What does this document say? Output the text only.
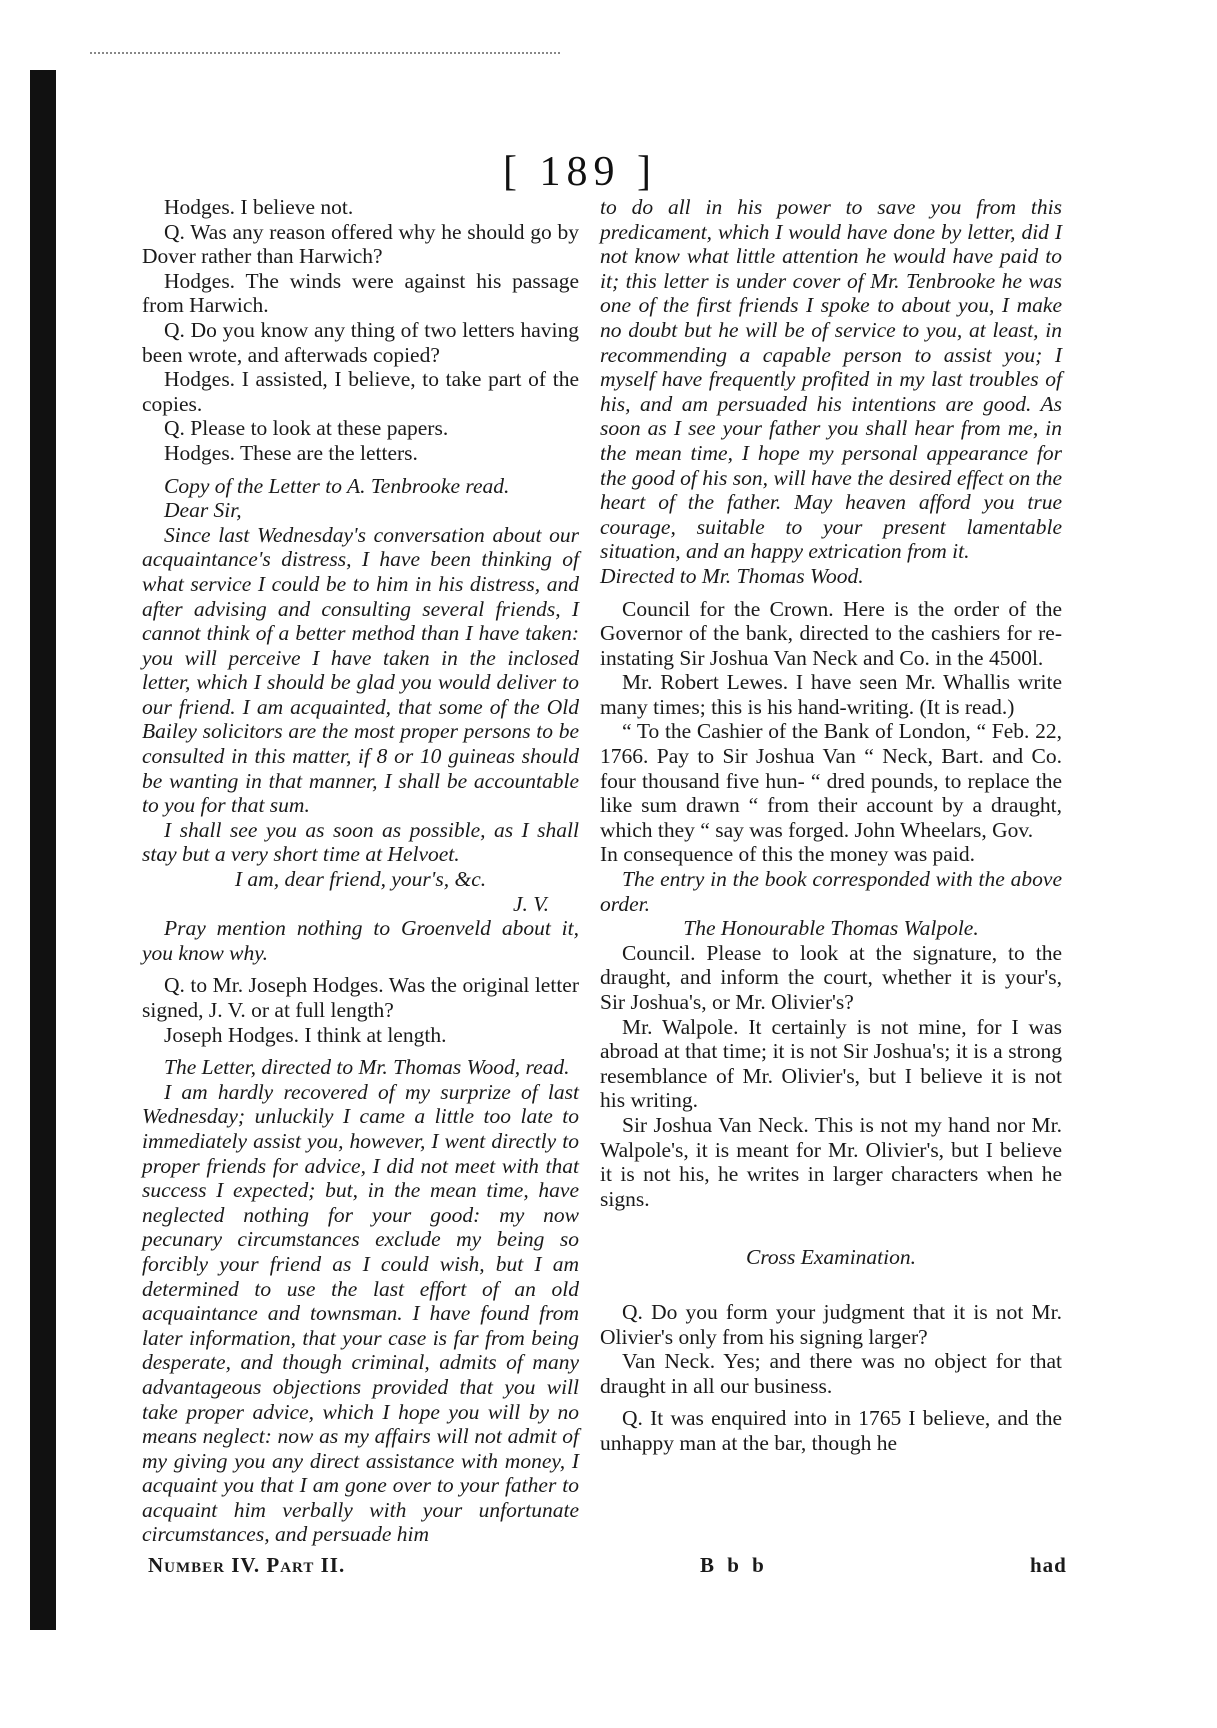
[ 189 ]

Hodges. I believe not.

Q. Was any reason offered why he should go by Dover rather than Harwich?

Hodges. The winds were against his passage from Harwich.

Q. Do you know any thing of two letters having been wrote, and afterwads copied?

Hodges. I assisted, I believe, to take part of the copies.

Q. Please to look at these papers.

Hodges. These are the letters.

Copy of the Letter to A. Tenbrooke read.

Dear Sir,

Since last Wednesday's conversation about our acquaintance's distress, I have been thinking of what service I could be to him in his distress, and after advising and consulting several friends, I cannot think of a better method than I have taken: you will perceive I have taken in the inclosed letter, which I should be glad you would deliver to our friend. I am acquainted, that some of the Old Bailey solicitors are the most proper persons to be consulted in this matter, if 8 or 10 guineas should be wanting in that manner, I shall be accountable to you for that sum.

I shall see you as soon as possible, as I shall stay but a very short time at Helvoet.

I am, dear friend, your's, &c.

J. V.

Pray mention nothing to Groenveld about it, you know why.

Q. to Mr. Joseph Hodges. Was the original letter signed, J. V. or at full length?

Joseph Hodges. I think at length.

The Letter, directed to Mr. Thomas Wood, read.

I am hardly recovered of my surprize of last Wednesday; unluckily I came a little too late to immediately assist you, however, I went directly to proper friends for advice, I did not meet with that success I expected; but, in the mean time, have neglected nothing for your good: my now pecunary circumstances exclude my being so forcibly your friend as I could wish, but I am determined to use the last effort of an old acquaintance and townsman. I have found from later information, that your case is far from being desperate, and though criminal, admits of many advantageous objections provided that you will take proper advice, which I hope you will by no means neglect: now as my affairs will not admit of my giving you any direct assistance with money, I acquaint you that I am gone over to your father to acquaint him verbally with your unfortunate circumstances, and persuade him

to do all in his power to save you from this predicament, which I would have done by letter, did I not know what little attention he would have paid to it; this letter is under cover of Mr. Tenbrooke he was one of the first friends I spoke to about you, I make no doubt but he will be of service to you, at least, in recommending a capable person to assist you; I myself have frequently profited in my last troubles of his, and am persuaded his intentions are good. As soon as I see your father you shall hear from me, in the mean time, I hope my personal appearance for the good of his son, will have the desired effect on the heart of the father. May heaven afford you true courage, suitable to your present lamentable situation, and an happy extrication from it.

Directed to Mr. Thomas Wood.

Council for the Crown. Here is the order of the Governor of the bank, directed to the cashiers for re-instating Sir Joshua Van Neck and Co. in the 4500l.

Mr. Robert Lewes. I have seen Mr. Whallis write many times; this is his hand-writing. (It is read.)

“ To the Cashier of the Bank of London, “ Feb. 22, 1766. Pay to Sir Joshua Van “ Neck, Bart. and Co. four thousand five hun- “ dred pounds, to replace the like sum drawn “ from their account by a draught, which they “ say was forged. John Wheelars, Gov.

In consequence of this the money was paid.

The entry in the book corresponded with the above order.

The Honourable Thomas Walpole.

Council. Please to look at the signature, to the draught, and inform the court, whether it is your's, Sir Joshua's, or Mr. Olivier's?

Mr. Walpole. It certainly is not mine, for I was abroad at that time; it is not Sir Joshua's; it is a strong resemblance of Mr. Olivier's, but I believe it is not his writing.

Sir Joshua Van Neck. This is not my hand nor Mr. Walpole's, it is meant for Mr. Olivier's, but I believe it is not his, he writes in larger characters when he signs.

Cross Examination.

Q. Do you form your judgment that it is not Mr. Olivier's only from his signing larger?

Van Neck. Yes; and there was no object for that draught in all our business.

Q. It was enquired into in 1765 I believe, and the unhappy man at the bar, though he

Number IV. Part II.	B b b	had
